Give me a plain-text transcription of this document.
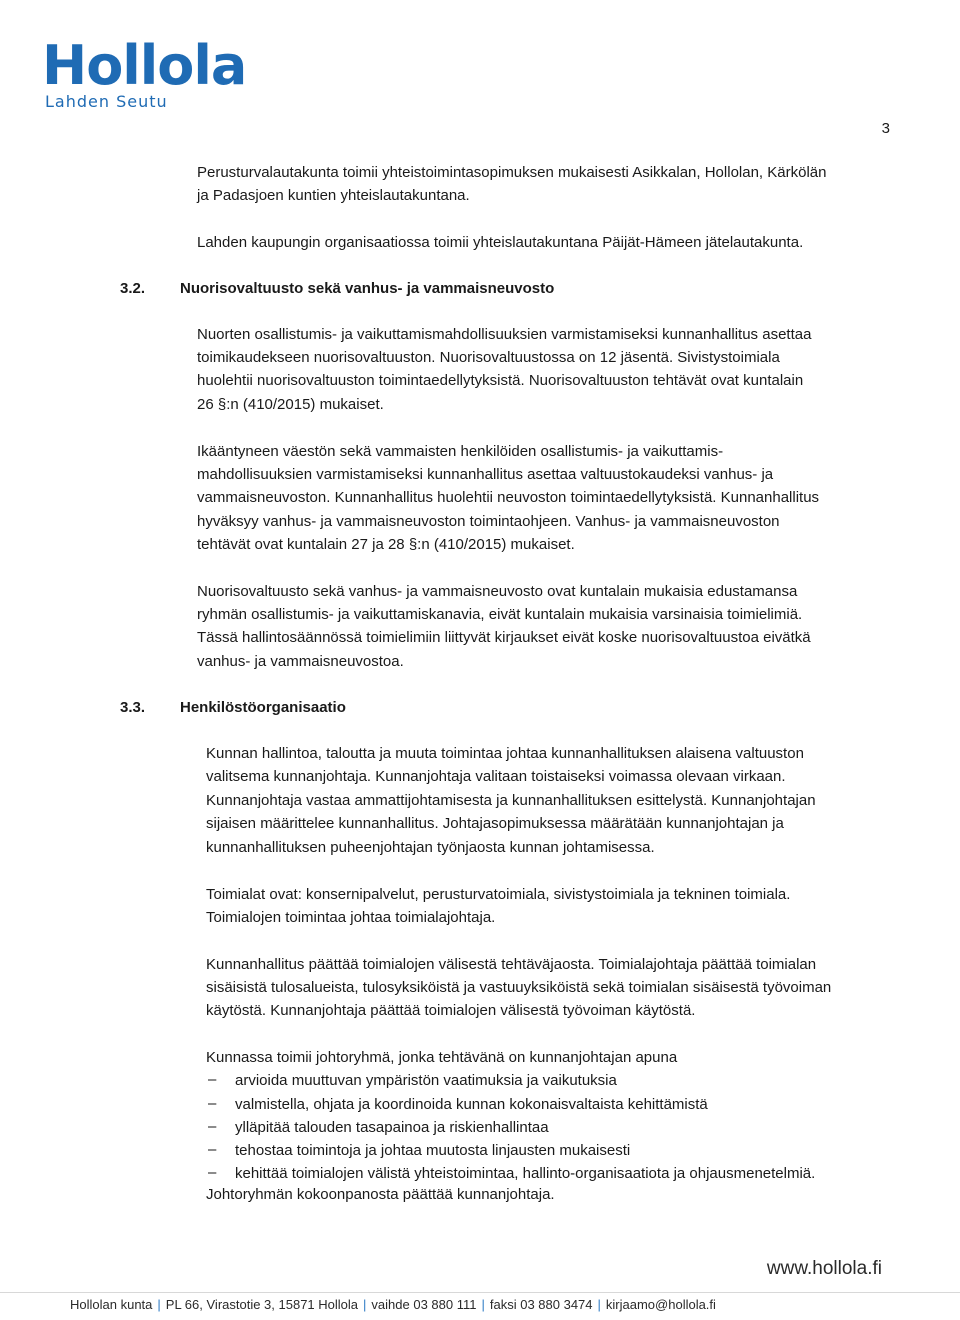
Hollola
Lahden Seutu
3
Perusturvalautakunta toimii yhteistoimintasopimuksen mukaisesti Asikkalan, Hollolan, Kärkölän
ja Padasjoen kuntien yhteislautakuntana.
Lahden kaupungin organisaatiossa toimii yhteislautakuntana Päijät-Hämeen jätelautakunta.
3.2. Nuorisovaltuusto sekä vanhus- ja vammaisneuvosto
Nuorten osallistumis- ja vaikuttamismahdollisuuksien varmistamiseksi kunnanhallitus asettaa
toimikaudekseen nuorisovaltuuston. Nuorisovaltuustossa on 12 jäsentä. Sivistystoimiala
huolehtii nuorisovaltuuston toimintaedellytyksistä. Nuorisovaltuuston tehtävät ovat kuntalain
26 §:n (410/2015) mukaiset.
Ikääntyneen väestön sekä vammaisten henkilöiden osallistumis- ja vaikuttamis-
mahdollisuuksien varmistamiseksi kunnanhallitus asettaa valtuustokaudeksi vanhus- ja
vammaisneuvoston. Kunnanhallitus huolehtii neuvoston toimintaedellytyksistä. Kunnanhallitus
hyväksyy vanhus- ja vammaisneuvoston toimintaohjeen. Vanhus- ja vammaisneuvoston
tehtävät ovat kuntalain 27 ja 28 §:n (410/2015) mukaiset.
Nuorisovaltuusto sekä vanhus- ja vammaisneuvosto ovat kuntalain mukaisia edustamansa
ryhmän osallistumis- ja vaikuttamiskanavia, eivät kuntalain mukaisia varsinaisia toimielimiä.
Tässä hallintosäännössä toimielimiin liittyvät kirjaukset eivät koske nuorisovaltuustoa eivätkä
vanhus- ja vammaisneuvostoa.
3.3. Henkilöstöorganisaatio
Kunnan hallintoa, taloutta ja muuta toimintaa johtaa kunnanhallituksen alaisena valtuuston
valitsema kunnanjohtaja. Kunnanjohtaja valitaan toistaiseksi voimassa olevaan virkaan.
Kunnanjohtaja vastaa ammattijohtamisesta ja kunnanhallituksen esittelystä. Kunnanjohtajan
sijaisen määrittelee kunnanhallitus. Johtajasopimuksessa määrätään kunnanjohtajan ja
kunnanhallituksen puheenjohtajan työnjaosta kunnan johtamisessa.
Toimialat ovat: konsernipalvelut, perusturvatoimiala, sivistystoimiala ja tekninen toimiala.
Toimialojen toimintaa johtaa toimialajohtaja.
Kunnanhallitus päättää toimialojen välisestä tehtäväjaosta. Toimialajohtaja päättää toimialan
sisäisistä tulosalueista, tulosyksiköistä ja vastuuyksiköistä sekä toimialan sisäisestä työvoiman
käytöstä. Kunnanjohtaja päättää toimialojen välisestä työvoiman käytöstä.
Kunnassa toimii johtoryhmä, jonka tehtävänä on kunnanjohtajan apuna
– arvioida muuttuvan ympäristön vaatimuksia ja vaikutuksia
– valmistella, ohjata ja koordinoida kunnan kokonaisvaltaista kehittämistä
– ylläpitää talouden tasapainoa ja riskienhallintaa
– tehostaa toimintoja ja johtaa muutosta linjausten mukaisesti
– kehittää toimialojen välistä yhteistoimintaa, hallinto-organisaatiota ja ohjausmenetelmiä.
Johtoryhmän kokoonpanosta päättää kunnanjohtaja.
www.hollola.fi
Hollolan kunta | PL 66, Virastotie 3, 15871 Hollola | vaihde 03 880 111 | faksi 03 880 3474 | kirjaamo@hollola.fi
